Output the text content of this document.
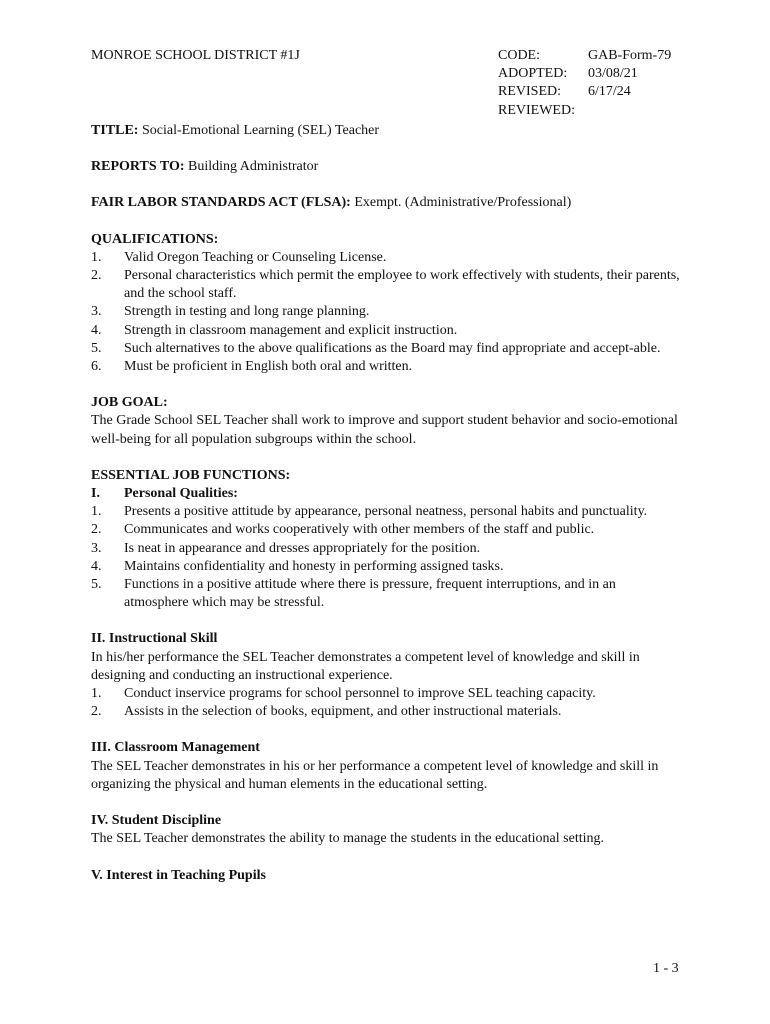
MONROE SCHOOL DISTRICT #1J	CODE:	GAB-Form-79
ADOPTED:	03/08/21
REVISED:	6/17/24
REVIEWED:

TITLE: Social-Emotional Learning (SEL) Teacher

REPORTS TO: Building Administrator

FAIR LABOR STANDARDS ACT (FLSA): Exempt. (Administrative/Professional)

QUALIFICATIONS:
1.	Valid Oregon Teaching or Counseling License.
2.	Personal characteristics which permit the employee to work effectively with students, their parents, and the school staff.
3.	Strength in testing and long range planning.
4.	Strength in classroom management and explicit instruction.
5.	Such alternatives to the above qualifications as the Board may find appropriate and accept-able.
6.	Must be proficient in English both oral and written.
JOB GOAL:
The Grade School SEL Teacher shall work to improve and support student behavior and socio-emotional well-being for all population subgroups within the school.
ESSENTIAL JOB FUNCTIONS:
I.	Personal Qualities:
1.	Presents a positive attitude by appearance, personal neatness, personal habits and punctuality.
2.	Communicates and works cooperatively with other members of the staff and public.
3.	Is neat in appearance and dresses appropriately for the position.
4.	Maintains confidentiality and honesty in performing assigned tasks.
5.	Functions in a positive attitude where there is pressure, frequent interruptions, and in an atmosphere which may be stressful.
II. Instructional Skill
In his/her performance the SEL Teacher demonstrates a competent level of knowledge and skill in designing and conducting an instructional experience.
1.	Conduct inservice programs for school personnel to improve SEL teaching capacity.
2.	Assists in the selection of books, equipment, and other instructional materials.
III. Classroom Management
The SEL Teacher demonstrates in his or her performance a competent level of knowledge and skill in organizing the physical and human elements in the educational setting.
IV. Student Discipline
The SEL Teacher demonstrates the ability to manage the students in the educational setting.
V. Interest in Teaching Pupils
1 - 3
